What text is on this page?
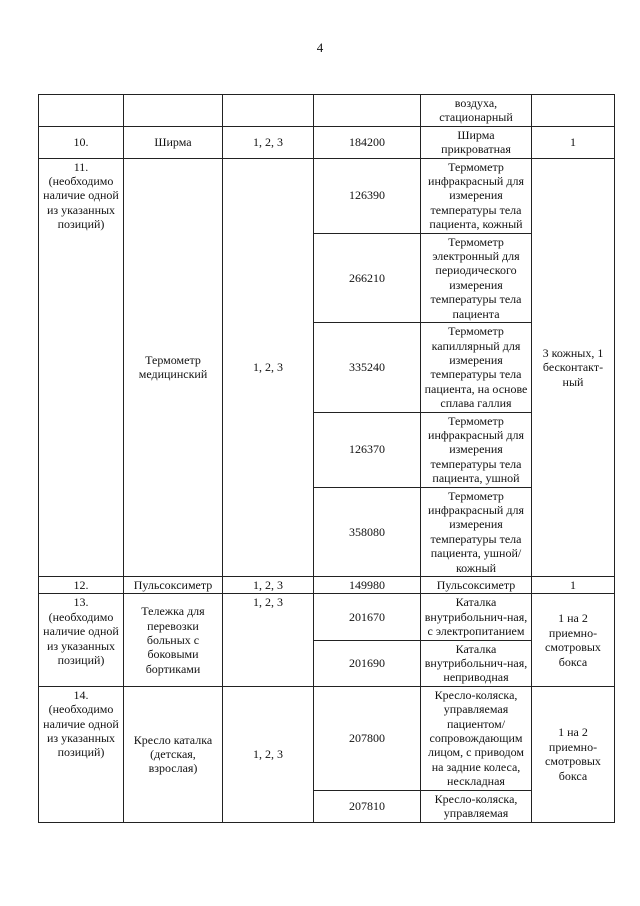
4
				воздуха, стационарный	
10.	Ширма	1, 2, 3	184200	Ширма прикроватная	1
11. (необходимо наличие одной из указанных позиций)	Термометр медицинский	1, 2, 3	126390	Термометр инфракрасный для измерения температуры тела пациента, кожный	3 кожных, 1 бесконтакт-ный
			266210	Термометр электронный для периодического измерения температуры тела пациента	
			335240	Термометр капиллярный для измерения температуры тела пациента, на основе сплава галлия	
			126370	Термометр инфракрасный для измерения температуры тела пациента, ушной	
			358080	Термометр инфракрасный для измерения температуры тела пациента, ушной/кожный	
12.	Пульсоксиметр	1, 2, 3	149980	Пульсоксиметр	1
13. (необходимо наличие одной из указанных позиций)	Тележка для перевозки больных с боковыми бортиками	1, 2, 3	201670	Каталка внутрибольнич-ная, с электропитанием	1 на 2 приемно-смотровых бокса
			201690	Каталка внутрибольнич-ная, неприводная	
14. (необходимо наличие одной из указанных позиций)	Кресло каталка (детская, взрослая)	1, 2, 3	207800	Кресло-коляска, управляемая пациентом/ сопровождающим лицом, с приводом на задние колеса, нескладная	1 на 2 приемно-смотровых бокса
			207810	Кресло-коляска, управляемая	
